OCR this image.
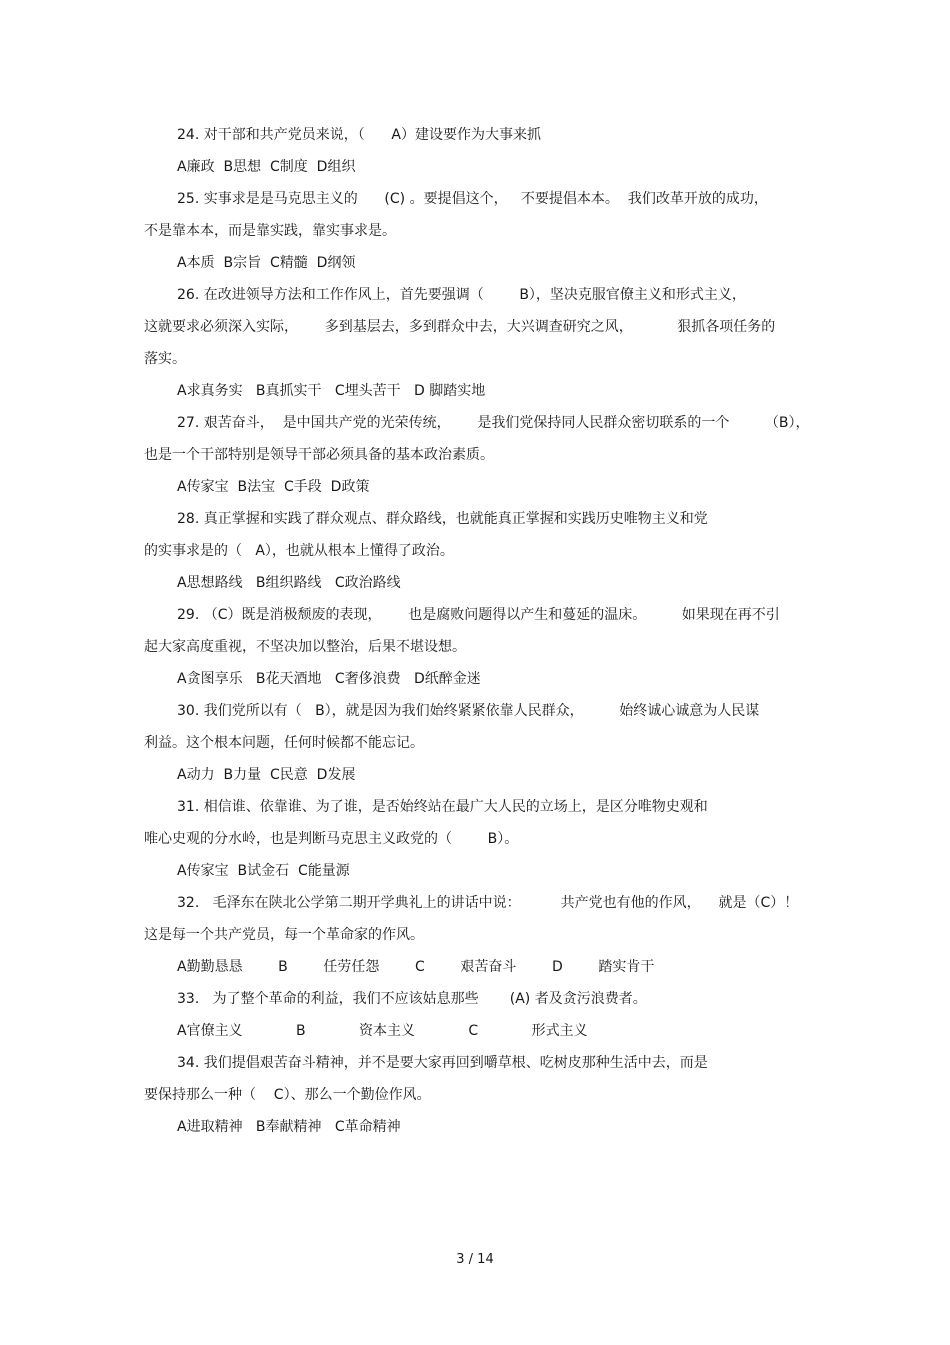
24. 对干部和共产党员来说，（      A）建设要作为大事来抓
A廉政  B思想  C制度  D组织
25. 实事求是是马克思主义的      (C) 。要提倡这个，   不要提倡本本。  我们改革开放的成功，
不是靠本本，而是靠实践，靠实事求是。
A本质  B宗旨  C精髓  D纲领
26. 在改进领导方法和工作作风上，首先要强调（        B），坚决克服官僚主义和形式主义，
这就要求必须深入实际，      多到基层去，多到群众中去，大兴调查研究之风，          狠抓各项任务的
落实。
A求真务实   B真抓实干   C埋头苦干   D 脚踏实地
27. 艰苦奋斗，  是中国共产党的光荣传统，      是我们党保持同人民群众密切联系的一个        （B），
也是一个干部特别是领导干部必须具备的基本政治素质。
A传家宝  B法宝  C手段  D政策
28. 真正掌握和实践了群众观点、群众路线，也就能真正掌握和实践历史唯物主义和党
的实事求是的（   A），也就从根本上懂得了政治。
A思想路线   B组织路线   C政治路线
29. （C）既是消极颓废的表现，      也是腐败问题得以产生和蔓延的温床。        如果现在再不引
起大家高度重视，不坚决加以整治，后果不堪设想。
A贪图享乐   B花天酒地   C奢侈浪费   D纸醉金迷
30. 我们党所以有（   B），就是因为我们始终紧紧依靠人民群众，        始终诚心诚意为人民谋
利益。这个根本问题，任何时候都不能忘记。
A动力  B力量  C民意  D发展
31. 相信谁、依靠谁、为了谁，是否始终站在最广大人民的立场上，是区分唯物史观和
唯心史观的分水岭，也是判断马克思主义政党的（        B）。
A传家宝  B试金石  C能量源
32.   毛泽东在陕北公学第二期开学典礼上的讲话中说：         共产党也有他的作风，    就是（C）！
这是每一个共产党员，每一个革命家的作风。
A勤勤恳恳        B        任劳任怨        C        艰苦奋斗        D        踏实肯干
33.   为了整个革命的利益，我们不应该姑息那些       (A) 者及贪污浪费者。
A官僚主义            B            资本主义            C            形式主义
34. 我们提倡艰苦奋斗精神，并不是要大家再回到嚼草根、吃树皮那种生活中去，而是
要保持那么一种（    C）、那么一个勤俭作风。
A进取精神   B奉献精神   C革命精神
3 / 14
